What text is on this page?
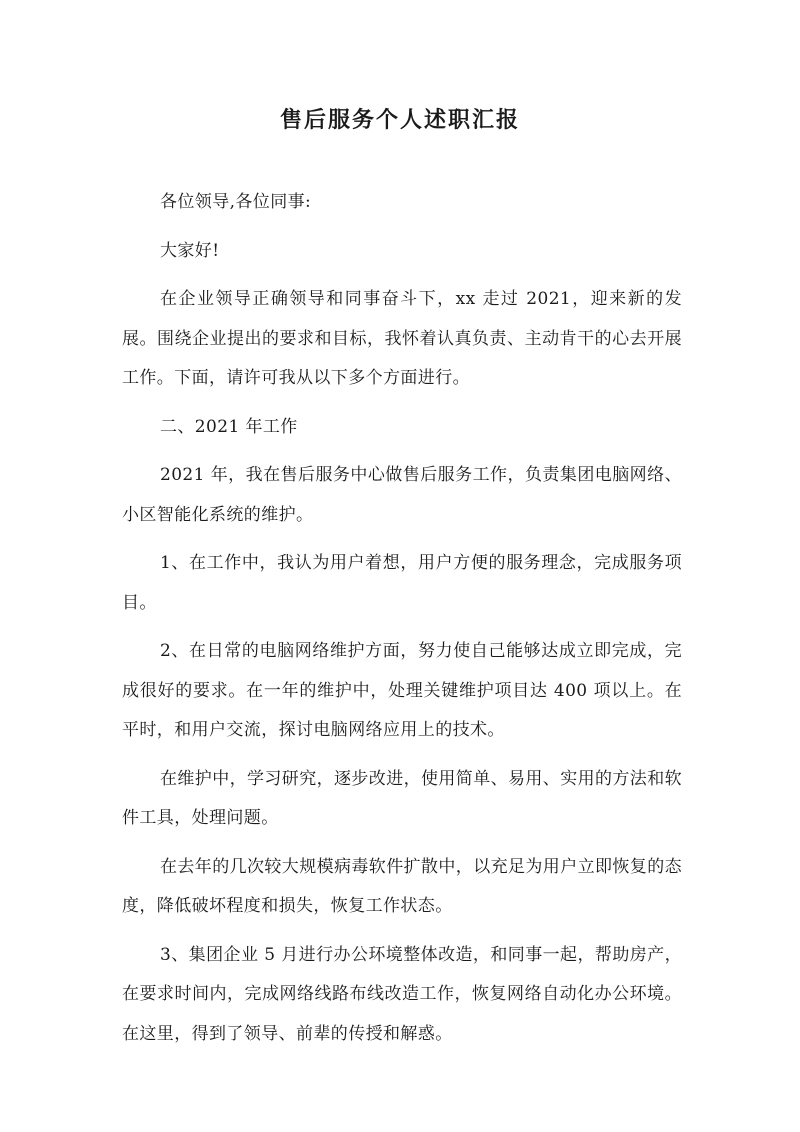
售后服务个人述职汇报

各位领导,各位同事:

大家好!

在企业领导正确领导和同事奋斗下，xx 走过 2021，迎来新的发展。围绕企业提出的要求和目标，我怀着认真负责、主动肯干的心去开展工作。下面，请许可我从以下多个方面进行。

二、2021 年工作

2021 年，我在售后服务中心做售后服务工作，负责集团电脑网络、小区智能化系统的维护。

1、在工作中，我认为用户着想，用户方便的服务理念，完成服务项目。

2、在日常的电脑网络维护方面，努力使自己能够达成立即完成，完成很好的要求。在一年的维护中，处理关键维护项目达 400 项以上。在平时，和用户交流，探讨电脑网络应用上的技术。

在维护中，学习研究，逐步改进，使用简单、易用、实用的方法和软件工具，处理问题。

在去年的几次较大规模病毒软件扩散中，以充足为用户立即恢复的态度，降低破坏程度和损失，恢复工作状态。

3、集团企业 5 月进行办公环境整体改造，和同事一起，帮助房产，在要求时间内，完成网络线路布线改造工作，恢复网络自动化办公环境。在这里，得到了领导、前辈的传授和解惑。
